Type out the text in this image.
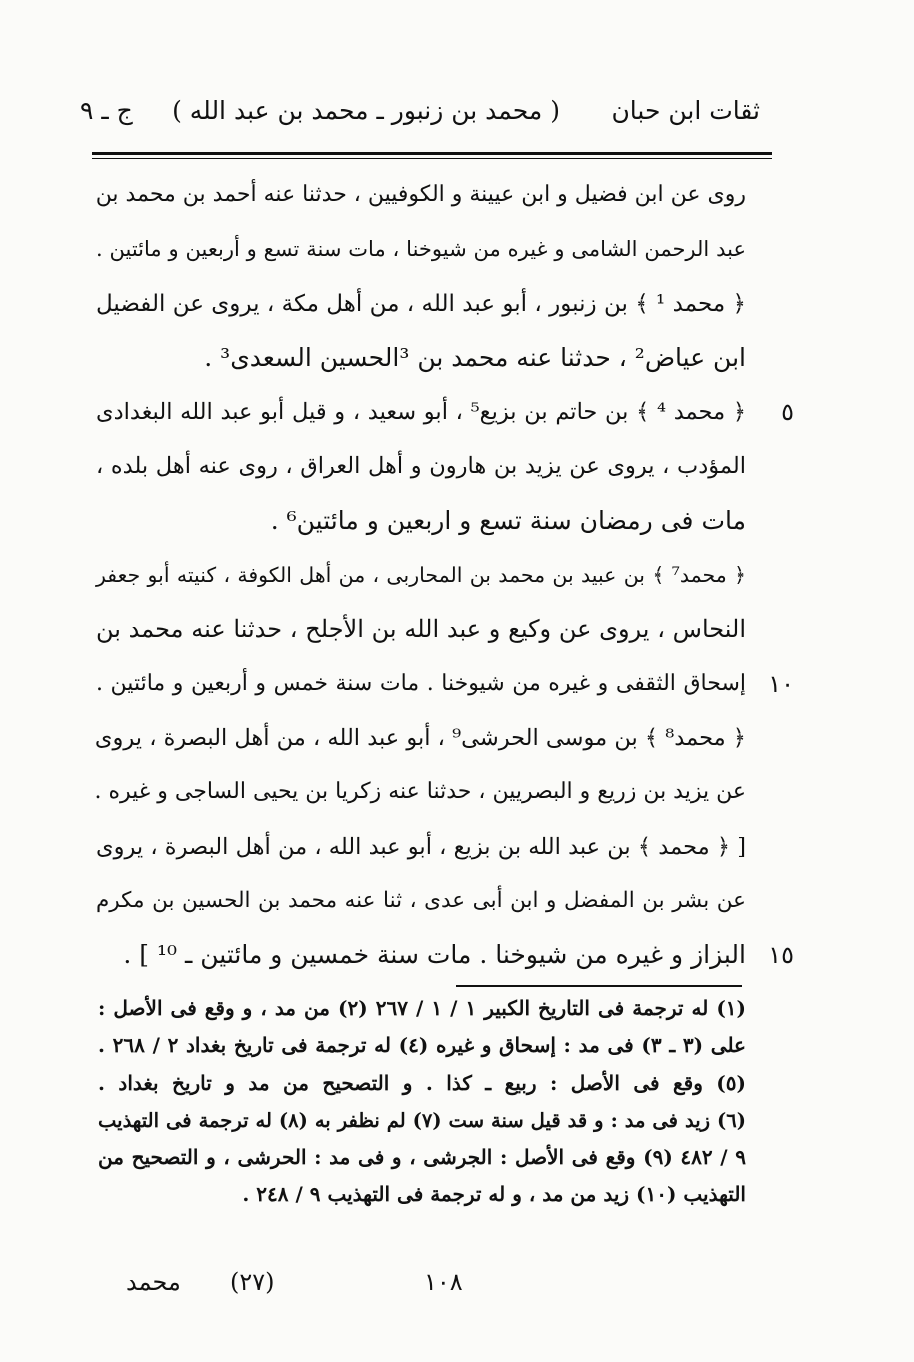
ثقات ابن حبان
( محمد بن زنبور ـ محمد بن عبد الله )
ج ـ ٩
روى عن ابن فضيل و ابن عيينة و الكوفيين ، حدثنا عنه أحمد بن محمد بن
عبد الرحمن الشامى و غيره من شيوخنا ، مات سنة تسع و أربعين و مائتين .
﴿ محمد ¹ ﴾ بن زنبور ، أبو عبد الله ، من أهل مكة ، يروى عن الفضيل
ابن عياض² ، حدثنا عنه محمد بن ³الحسين السعدى³ .
﴿ محمد ⁴ ﴾ بن حاتم بن بزيع⁵ ، أبو سعيد ، و قيل أبو عبد الله البغدادى ٥
المؤدب ، يروى عن يزيد بن هارون و أهل العراق ، روى عنه أهل بلده ،
مات فى رمضان سنة تسع و اربعين و مائتين⁶ .
﴿ محمد⁷ ﴾ بن عبيد بن محمد بن المحاربى ، من أهل الكوفة ، كنيته أبو جعفر
النحاس ، يروى عن وكيع و عبد الله بن الأجلح ، حدثنا عنه محمد بن
إسحاق الثقفى و غيره من شيوخنا . مات سنة خمس و أربعين و مائتين . ١٠
﴿ محمد⁸ ﴾ بن موسى الحرشى⁹ ، أبو عبد الله ، من أهل البصرة ، يروى
عن يزيد بن زريع و البصريين ، حدثنا عنه زكريا بن يحيى الساجى و غيره .
[ ﴿ محمد ﴾ بن عبد الله بن بزيع ، أبو عبد الله ، من أهل البصرة ، يروى
عن بشر بن المفضل و ابن أبى عدى ، ثنا عنه محمد بن الحسين بن مكرم
البزاز و غيره من شيوخنا . مات سنة خمسين و مائتين ـ ¹⁰ ] . ١٥
(١) له ترجمة فى التاريخ الكبير ١ / ١ / ٢٦٧ (٢) من مد ، و وقع فى الأصل :
على (٣ ـ ٣) فى مد : إسحاق و غيره (٤) له ترجمة فى تاريخ بغداد ٢ / ٢٦٨ .
(٥) وقع فى الأصل : ربيع ـ كذا . و التصحيح من مد و تاريخ بغداد .
(٦) زيد فى مد : و قد قيل سنة ست (٧) لم نظفر به (٨) له ترجمة فى التهذيب
٩ / ٤٨٢ (٩) وقع فى الأصل : الجرشى ، و فى مد : الحرشى ، و التصحيح من
التهذيب (١٠) زيد من مد ، و له ترجمة فى التهذيب ٩ / ٢٤٨ .
محمد (٢٧)	١٠٨
